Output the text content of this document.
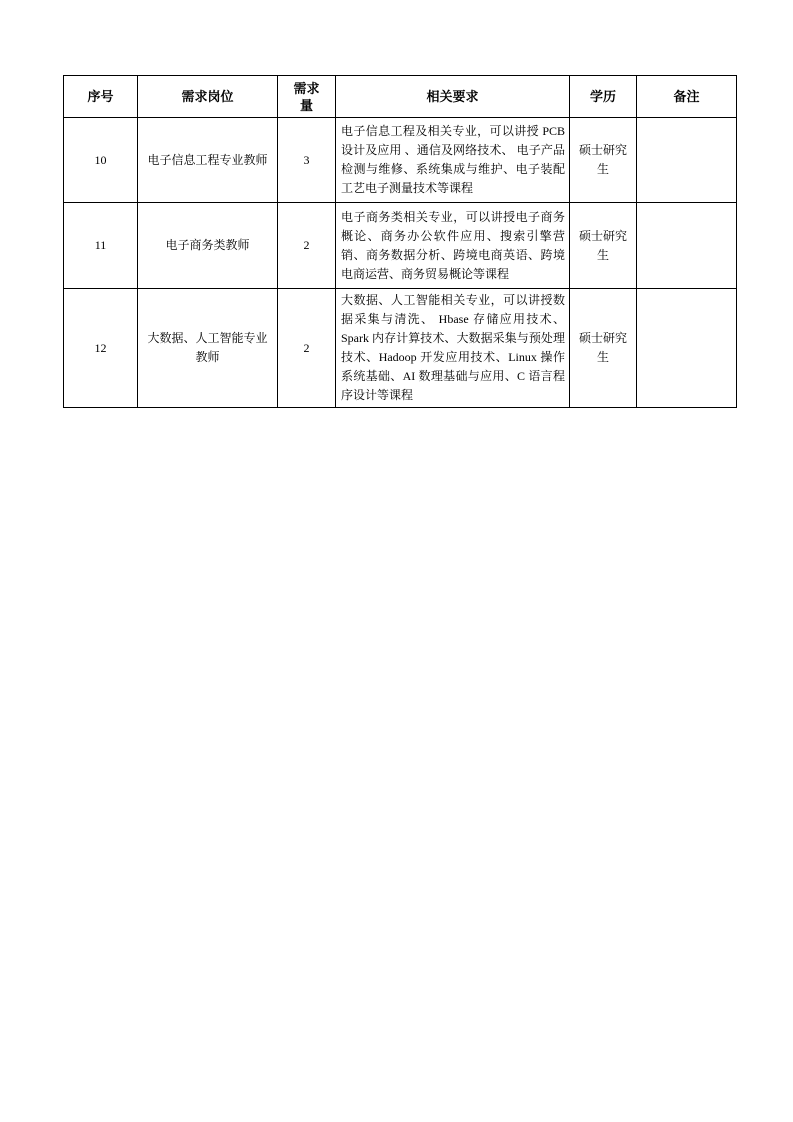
序号	需求岗位	需求量	相关要求	学历	备注
10	电子信息工程专业教师	3	电子信息工程及相关专业，可以讲授 PCB 设计及应用 、通信及网络技术、 电子产品检测与维修、系统集成与维护、电子装配工艺电子测量技术等课程	硕士研究生	
11	电子商务类教师	2	电子商务类相关专业，可以讲授电子商务概论、商务办公软件应用、搜索引擎营销、商务数据分析、跨境电商英语、跨境电商运营、商务贸易概论等课程	硕士研究生	
12	大数据、人工智能专业教师	2	大数据、人工智能相关专业，可以讲授数据采集与清洗、 Hbase 存储应用技术、Spark 内存计算技术、大数据采集与预处理技术、Hadoop 开发应用技术、Linux 操作系统基础、AI 数理基础与应用、C 语言程序设计等课程	硕士研究生	
